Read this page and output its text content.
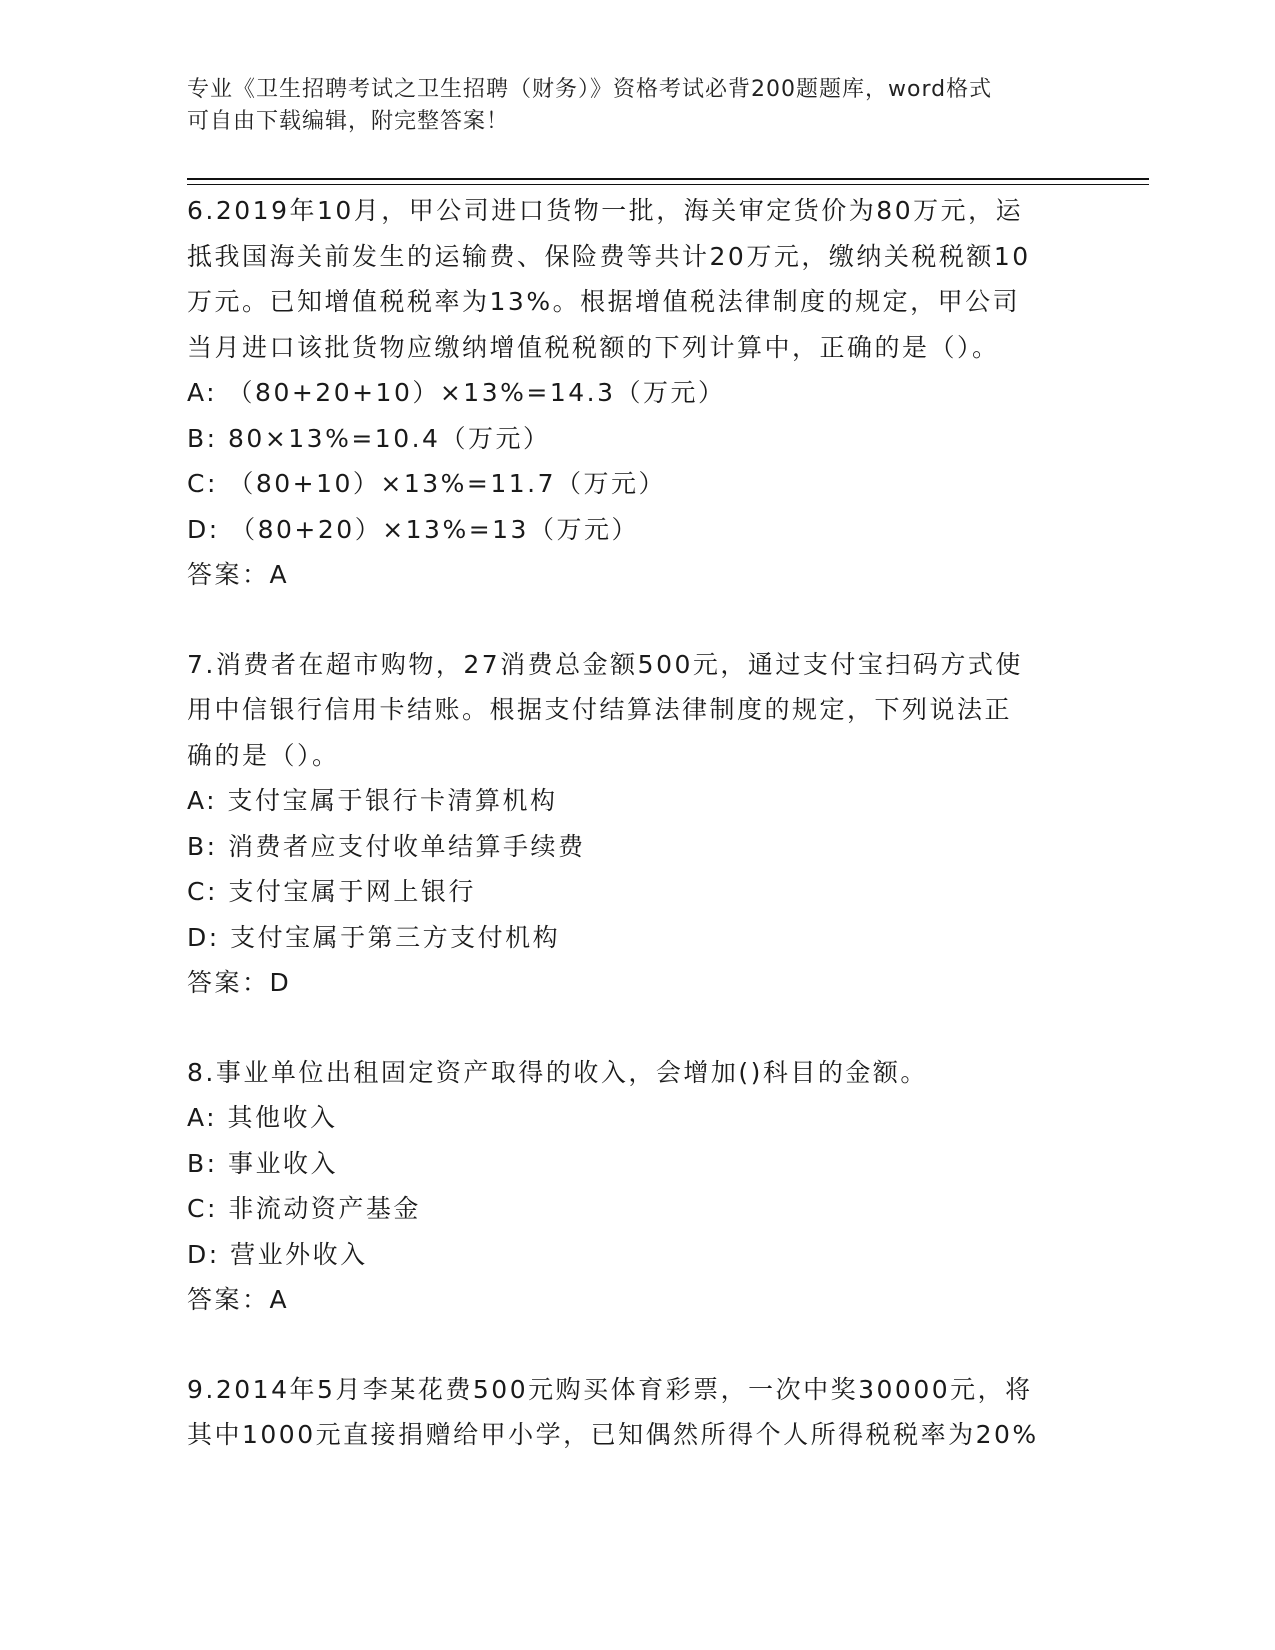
专业《卫生招聘考试之卫生招聘（财务）》资格考试必背200题题库，word格式
可自由下载编辑，附完整答案！
6.2019年10月，甲公司进口货物一批，海关审定货价为80万元，运
抵我国海关前发生的运输费、保险费等共计20万元，缴纳关税税额10
万元。已知增值税税率为13%。根据增值税法律制度的规定，甲公司
当月进口该批货物应缴纳增值税税额的下列计算中，正确的是（）。
A: （80+20+10）×13%=14.3（万元）
B: 80×13%=10.4（万元）
C: （80+10）×13%=11.7（万元）
D: （80+20）×13%=13（万元）
答案：A
7.消费者在超市购物，27消费总金额500元，通过支付宝扫码方式使
用中信银行信用卡结账。根据支付结算法律制度的规定，下列说法正
确的是（）。
A: 支付宝属于银行卡清算机构
B: 消费者应支付收单结算手续费
C: 支付宝属于网上银行
D: 支付宝属于第三方支付机构
答案：D
8.事业单位出租固定资产取得的收入，会增加()科目的金额。
A: 其他收入
B: 事业收入
C: 非流动资产基金
D: 营业外收入
答案：A
9.2014年5月李某花费500元购买体育彩票，一次中奖30000元，将
其中1000元直接捐赠给甲小学，已知偶然所得个人所得税税率为20%
